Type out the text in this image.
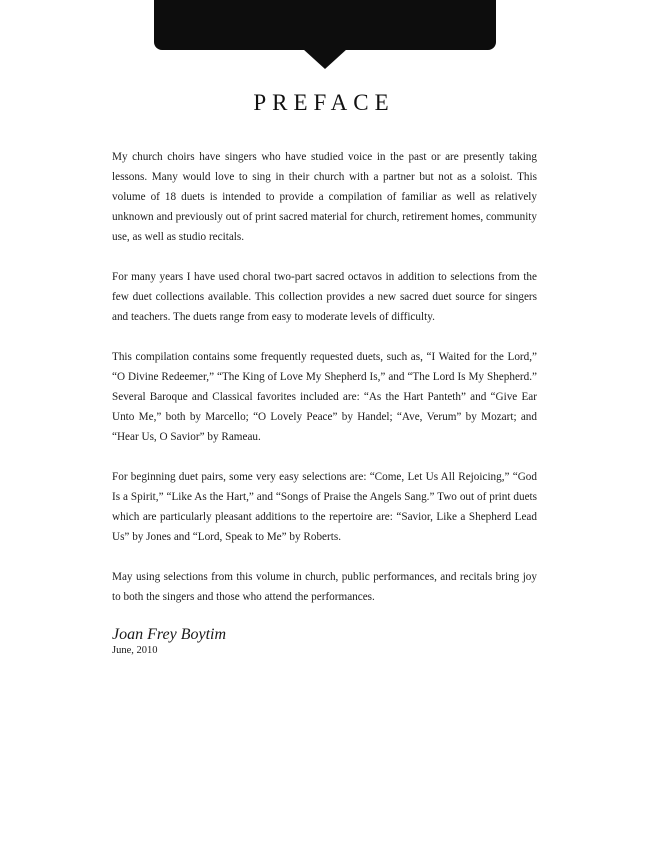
PREFACE

My church choirs have singers who have studied voice in the past or are presently taking lessons. Many would love to sing in their church with a partner but not as a soloist. This volume of 18 duets is intended to provide a compilation of familiar as well as relatively unknown and previously out of print sacred material for church, retirement homes, community use, as well as studio recitals.

For many years I have used choral two-part sacred octavos in addition to selections from the few duet collections available. This collection provides a new sacred duet source for singers and teachers. The duets range from easy to moderate levels of difficulty.

This compilation contains some frequently requested duets, such as, “I Waited for the Lord,” “O Divine Redeemer,” “The King of Love My Shepherd Is,” and “The Lord Is My Shepherd.” Several Baroque and Classical favorites included are: “As the Hart Panteth” and “Give Ear Unto Me,” both by Marcello; “O Lovely Peace” by Handel; “Ave, Verum” by Mozart; and “Hear Us, O Savior” by Rameau.

For beginning duet pairs, some very easy selections are: “Come, Let Us All Rejoicing,” “God Is a Spirit,” “Like As the Hart,” and “Songs of Praise the Angels Sang.” Two out of print duets which are particularly pleasant additions to the repertoire are: “Savior, Like a Shepherd Lead Us” by Jones and “Lord, Speak to Me” by Roberts.

May using selections from this volume in church, public performances, and recitals bring joy to both the singers and those who attend the performances.

Joan Frey Boytim
June, 2010
